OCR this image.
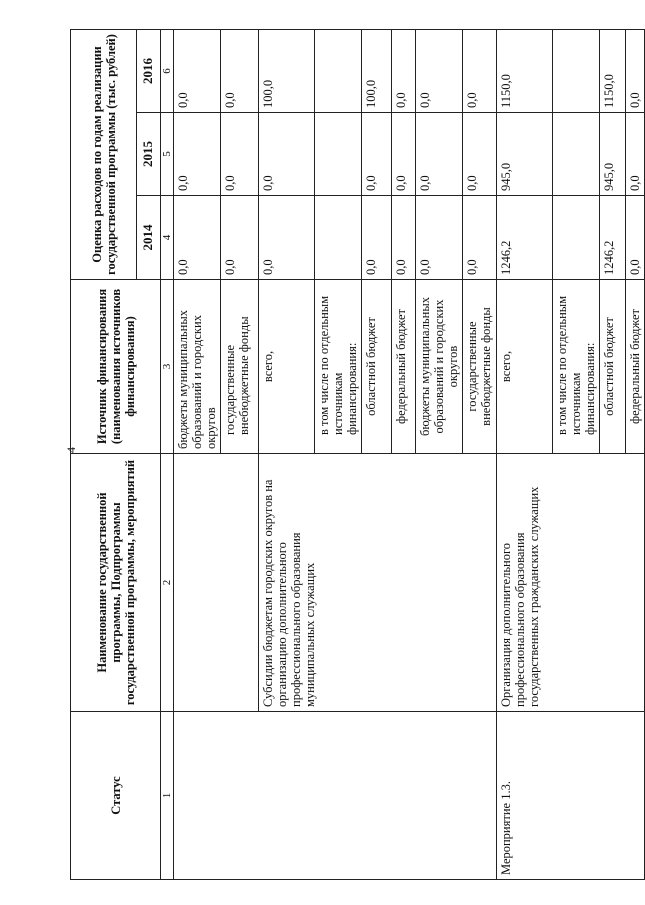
4
Статус	Наименование государственной программы, Подпрограммы государственной программы, мероприятий	Источник финансирования (наименования источников финансирования)	Оценка расходов по годам реализации государственной программы (тыс. рублей)		
			2014	2015	2016
1	2	3	4	5	6
		бюджеты муниципальных образований и городских округов	0,0	0,0	0,0
		государственные внебюджетные фонды	0,0	0,0	0,0
	Субсидии бюджетам городских округов на организацию дополнительного профессионального образования муниципальных служащих	всего,	0,0	0,0	100,0
		в том числе по отдельным источникам финансирования:			
		областной бюджет	0,0	0,0	100,0
		федеральный бюджет	0,0	0,0	0,0
		бюджеты муниципальных образований и городских округов	0,0	0,0	0,0
		государственные внебюджетные фонды	0,0	0,0	0,0
Мероприятие 1.3.	Организация дополнительного профессионального образования государственных гражданских служащих	всего,	1246,2	945,0	1150,0
		в том числе по отдельным источникам финансирования:			
		областной бюджет	1246,2	945,0	1150,0
		федеральный бюджет	0,0	0,0	0,0
